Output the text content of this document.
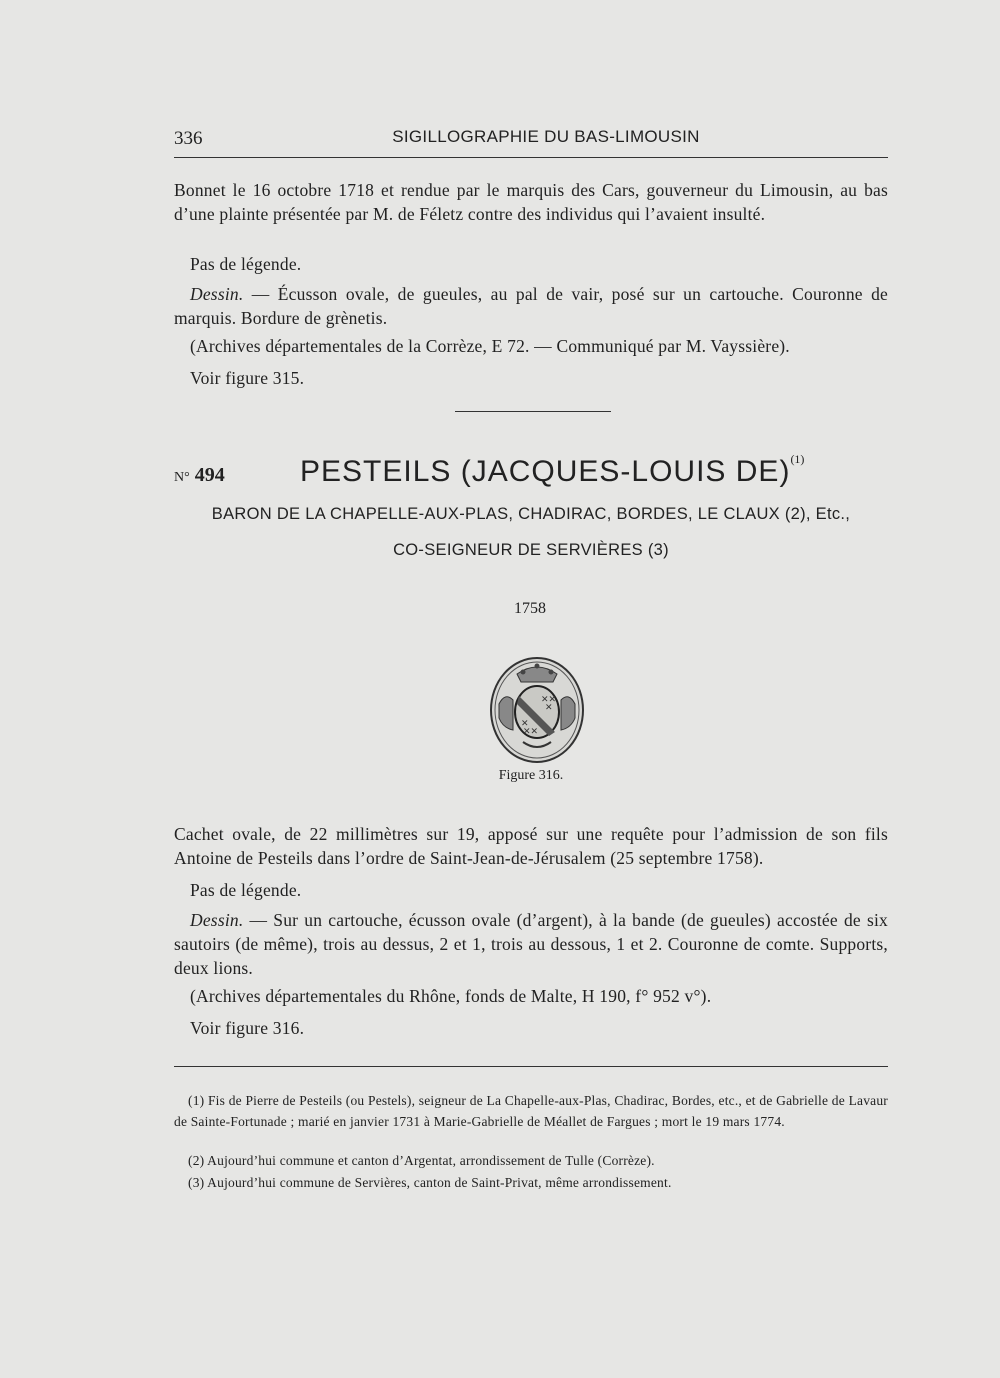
336	SIGILLOGRAPHIE DU BAS-LIMOUSIN
Bonnet le 16 octobre 1718 et rendue par le marquis des Cars, gouverneur du Limousin, au bas d’une plainte présentée par M. de Féletz contre des individus qui l’avaient insulté.
Pas de légende.
Dessin. — Écusson ovale, de gueules, au pal de vair, posé sur un cartouche. Couronne de marquis. Bordure de grènetis.
(Archives départementales de la Corrèze, E 72. — Communiqué par M. Vayssière).
Voir figure 315.
N° 494	PESTEILS (JACQUES-LOUIS DE)$^{(1)}$
BARON DE LA CHAPELLE-AUX-PLAS, CHADIRAC, BORDES, LE CLAUX (2), Etc.,
CO-SEIGNEUR DE SERVIÈRES (3)
1758
✕✕
✕
✕
✕✕
Figure 316.
Cachet ovale, de 22 millimètres sur 19, apposé sur une requête pour l’admission de son fils Antoine de Pesteils dans l’ordre de Saint-Jean-de-Jérusalem (25 septembre 1758).
Pas de légende.
Dessin. — Sur un cartouche, écusson ovale (d’argent), à la bande (de gueules) accostée de six sautoirs (de même), trois au dessus, 2 et 1, trois au dessous, 1 et 2. Couronne de comte. Supports, deux lions.
(Archives départementales du Rhône, fonds de Malte, H 190, f° 952 v°).
Voir figure 316.
(1) Fis de Pierre de Pesteils (ou Pestels), seigneur de La Chapelle-aux-Plas, Chadirac, Bordes, etc., et de Gabrielle de Lavaur de Sainte-Fortunade ; marié en janvier 1731 à Marie-Gabrielle de Méallet de Fargues ; mort le 19 mars 1774.
(2) Aujourd’hui commune et canton d’Argentat, arrondissement de Tulle (Corrèze).
(3) Aujourd’hui commune de Servières, canton de Saint-Privat, même arrondissement.
